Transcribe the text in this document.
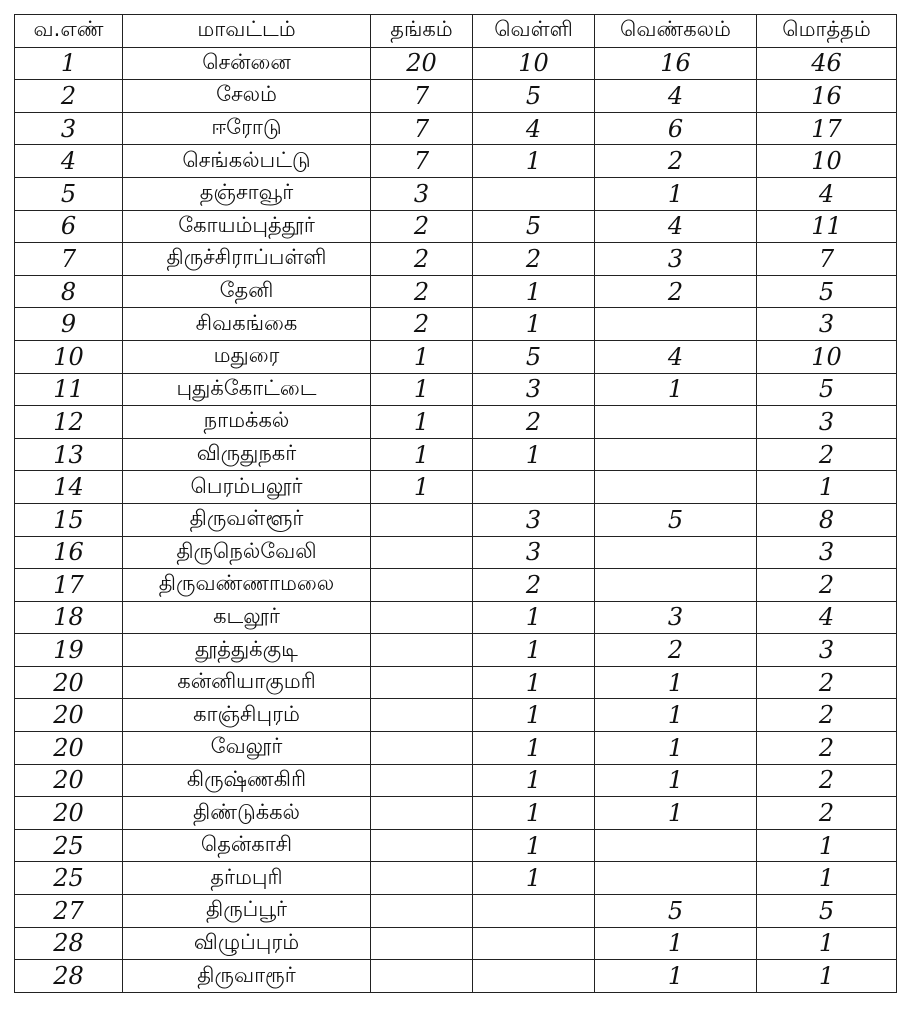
வ.எண்	மாவட்டம்	தங்கம்	வெள்ளி	வெண்கலம்	மொத்தம்
1	சென்னை	20	10	16	46
2	சேலம்	7	5	4	16
3	ஈரோடு	7	4	6	17
4	செங்கல்பட்டு	7	1	2	10
5	தஞ்சாவூர்	3		1	4
6	கோயம்புத்தூர்	2	5	4	11
7	திருச்சிராப்பள்ளி	2	2	3	7
8	தேனி	2	1	2	5
9	சிவகங்கை	2	1		3
10	மதுரை	1	5	4	10
11	புதுக்கோட்டை	1	3	1	5
12	நாமக்கல்	1	2		3
13	விருதுநகர்	1	1		2
14	பெரம்பலூர்	1			1
15	திருவள்ளூர்		3	5	8
16	திருநெல்வேலி		3		3
17	திருவண்ணாமலை		2		2
18	கடலூர்		1	3	4
19	தூத்துக்குடி		1	2	3
20	கன்னியாகுமரி		1	1	2
20	காஞ்சிபுரம்		1	1	2
20	வேலூர்		1	1	2
20	கிருஷ்ணகிரி		1	1	2
20	திண்டுக்கல்		1	1	2
25	தென்காசி		1		1
25	தர்மபுரி		1		1
27	திருப்பூர்			5	5
28	விழுப்புரம்			1	1
28	திருவாரூர்			1	1
